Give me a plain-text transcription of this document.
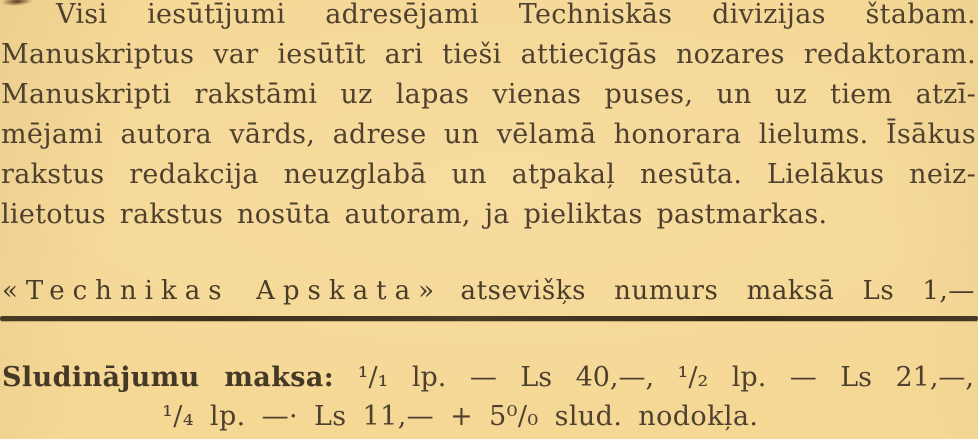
Visi iesūtījumi adresējami Techniskās divizijas štabam.
Manuskriptus var iesūtīt ari tieši attiecīgās nozares redaktoram.
Manuskripti rakstāmi uz lapas vienas puses, un uz tiem atzī-
mējami autora vārds, adrese un vēlamā honorara lielums. Īsākus
rakstus redakcija neuzglabā un atpakaļ nesūta. Lielākus neiz-
lietotus rakstus nosūta autoram, ja pieliktas pastmarkas.
«Technikas Apskata» atsevišķs numurs maksā Ls 1,—
Sludinājumu maksa: ¹/₁ lp. — Ls 40,—, ¹/₂ lp. — Ls 21,—,
¹/₄ lp. —· Ls 11,— + 5⁰/₀ slud. nodokļa.
